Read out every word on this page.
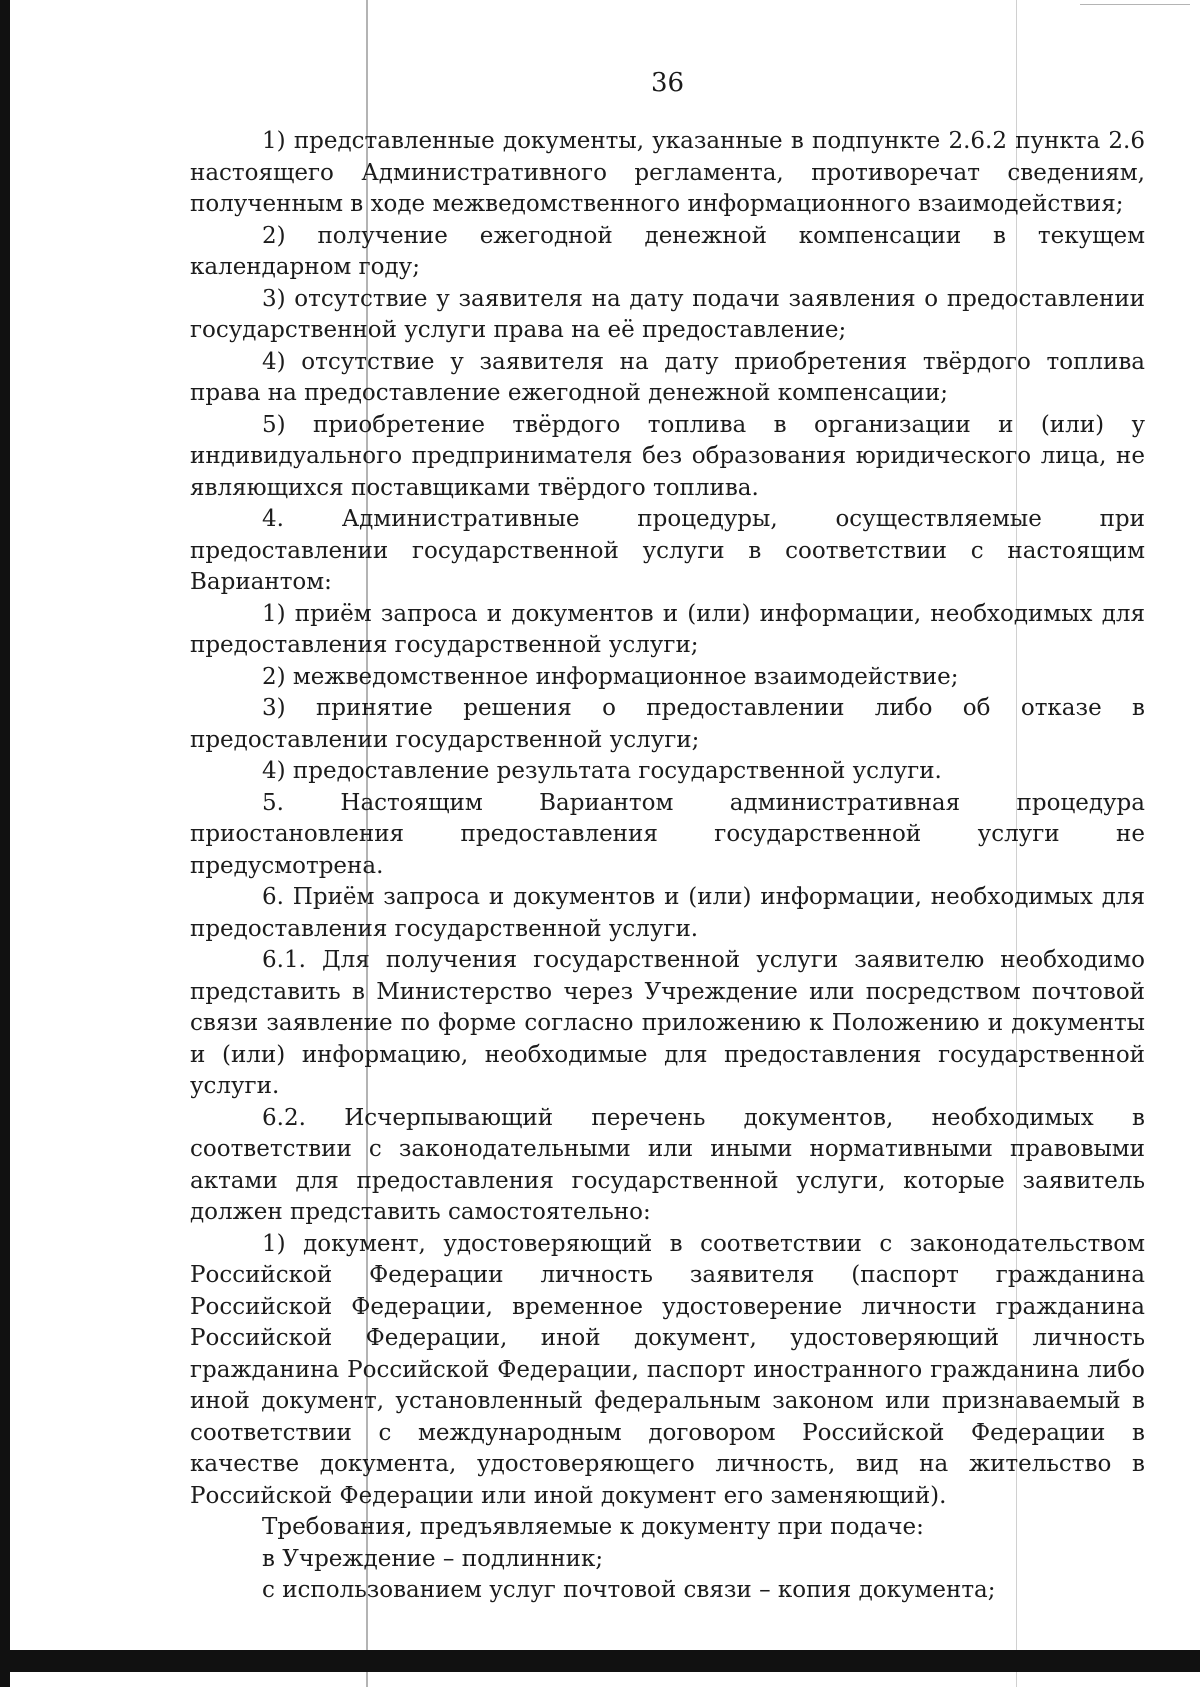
36

1) представленные документы, указанные в подпункте 2.6.2 пункта 2.6 настоящего Административного регламента, противоречат сведениям, полученным в ходе межведомственного информационного взаимодействия;

2) получение ежегодной денежной компенсации в текущем календарном году;

3) отсутствие у заявителя на дату подачи заявления о предоставлении государственной услуги права на её предоставление;

4) отсутствие у заявителя на дату приобретения твёрдого топлива права на предоставление ежегодной денежной компенсации;

5) приобретение твёрдого топлива в организации и (или) у индивидуального предпринимателя без образования юридического лица, не являющихся поставщиками твёрдого топлива.

4. Административные процедуры, осуществляемые при предоставлении государственной услуги в соответствии с настоящим Вариантом:

1) приём запроса и документов и (или) информации, необходимых для предоставления государственной услуги;

2) межведомственное информационное взаимодействие;

3) принятие решения о предоставлении либо об отказе в предоставлении государственной услуги;

4) предоставление результата государственной услуги.

5. Настоящим Вариантом административная процедура приостановления предоставления государственной услуги не предусмотрена.

6. Приём запроса и документов и (или) информации, необходимых для предоставления государственной услуги.

6.1. Для получения государственной услуги заявителю необходимо представить в Министерство через Учреждение или посредством почтовой связи заявление по форме согласно приложению к Положению и документы и (или) информацию, необходимые для предоставления государственной услуги.

6.2. Исчерпывающий перечень документов, необходимых в соответствии с законодательными или иными нормативными правовыми актами для предоставления государственной услуги, которые заявитель должен представить самостоятельно:

1) документ, удостоверяющий в соответствии с законодательством Российской Федерации личность заявителя (паспорт гражданина Российской Федерации, временное удостоверение личности гражданина Российской Федерации, иной документ, удостоверяющий личность гражданина Российской Федерации, паспорт иностранного гражданина либо иной документ, установленный федеральным законом или признаваемый в соответствии с международным договором Российской Федерации в качестве документа, удостоверяющего личность, вид на жительство в Российской Федерации или иной документ его заменяющий).

Требования, предъявляемые к документу при подаче:

в Учреждение – подлинник;

с использованием услуг почтовой связи – копия документа;
